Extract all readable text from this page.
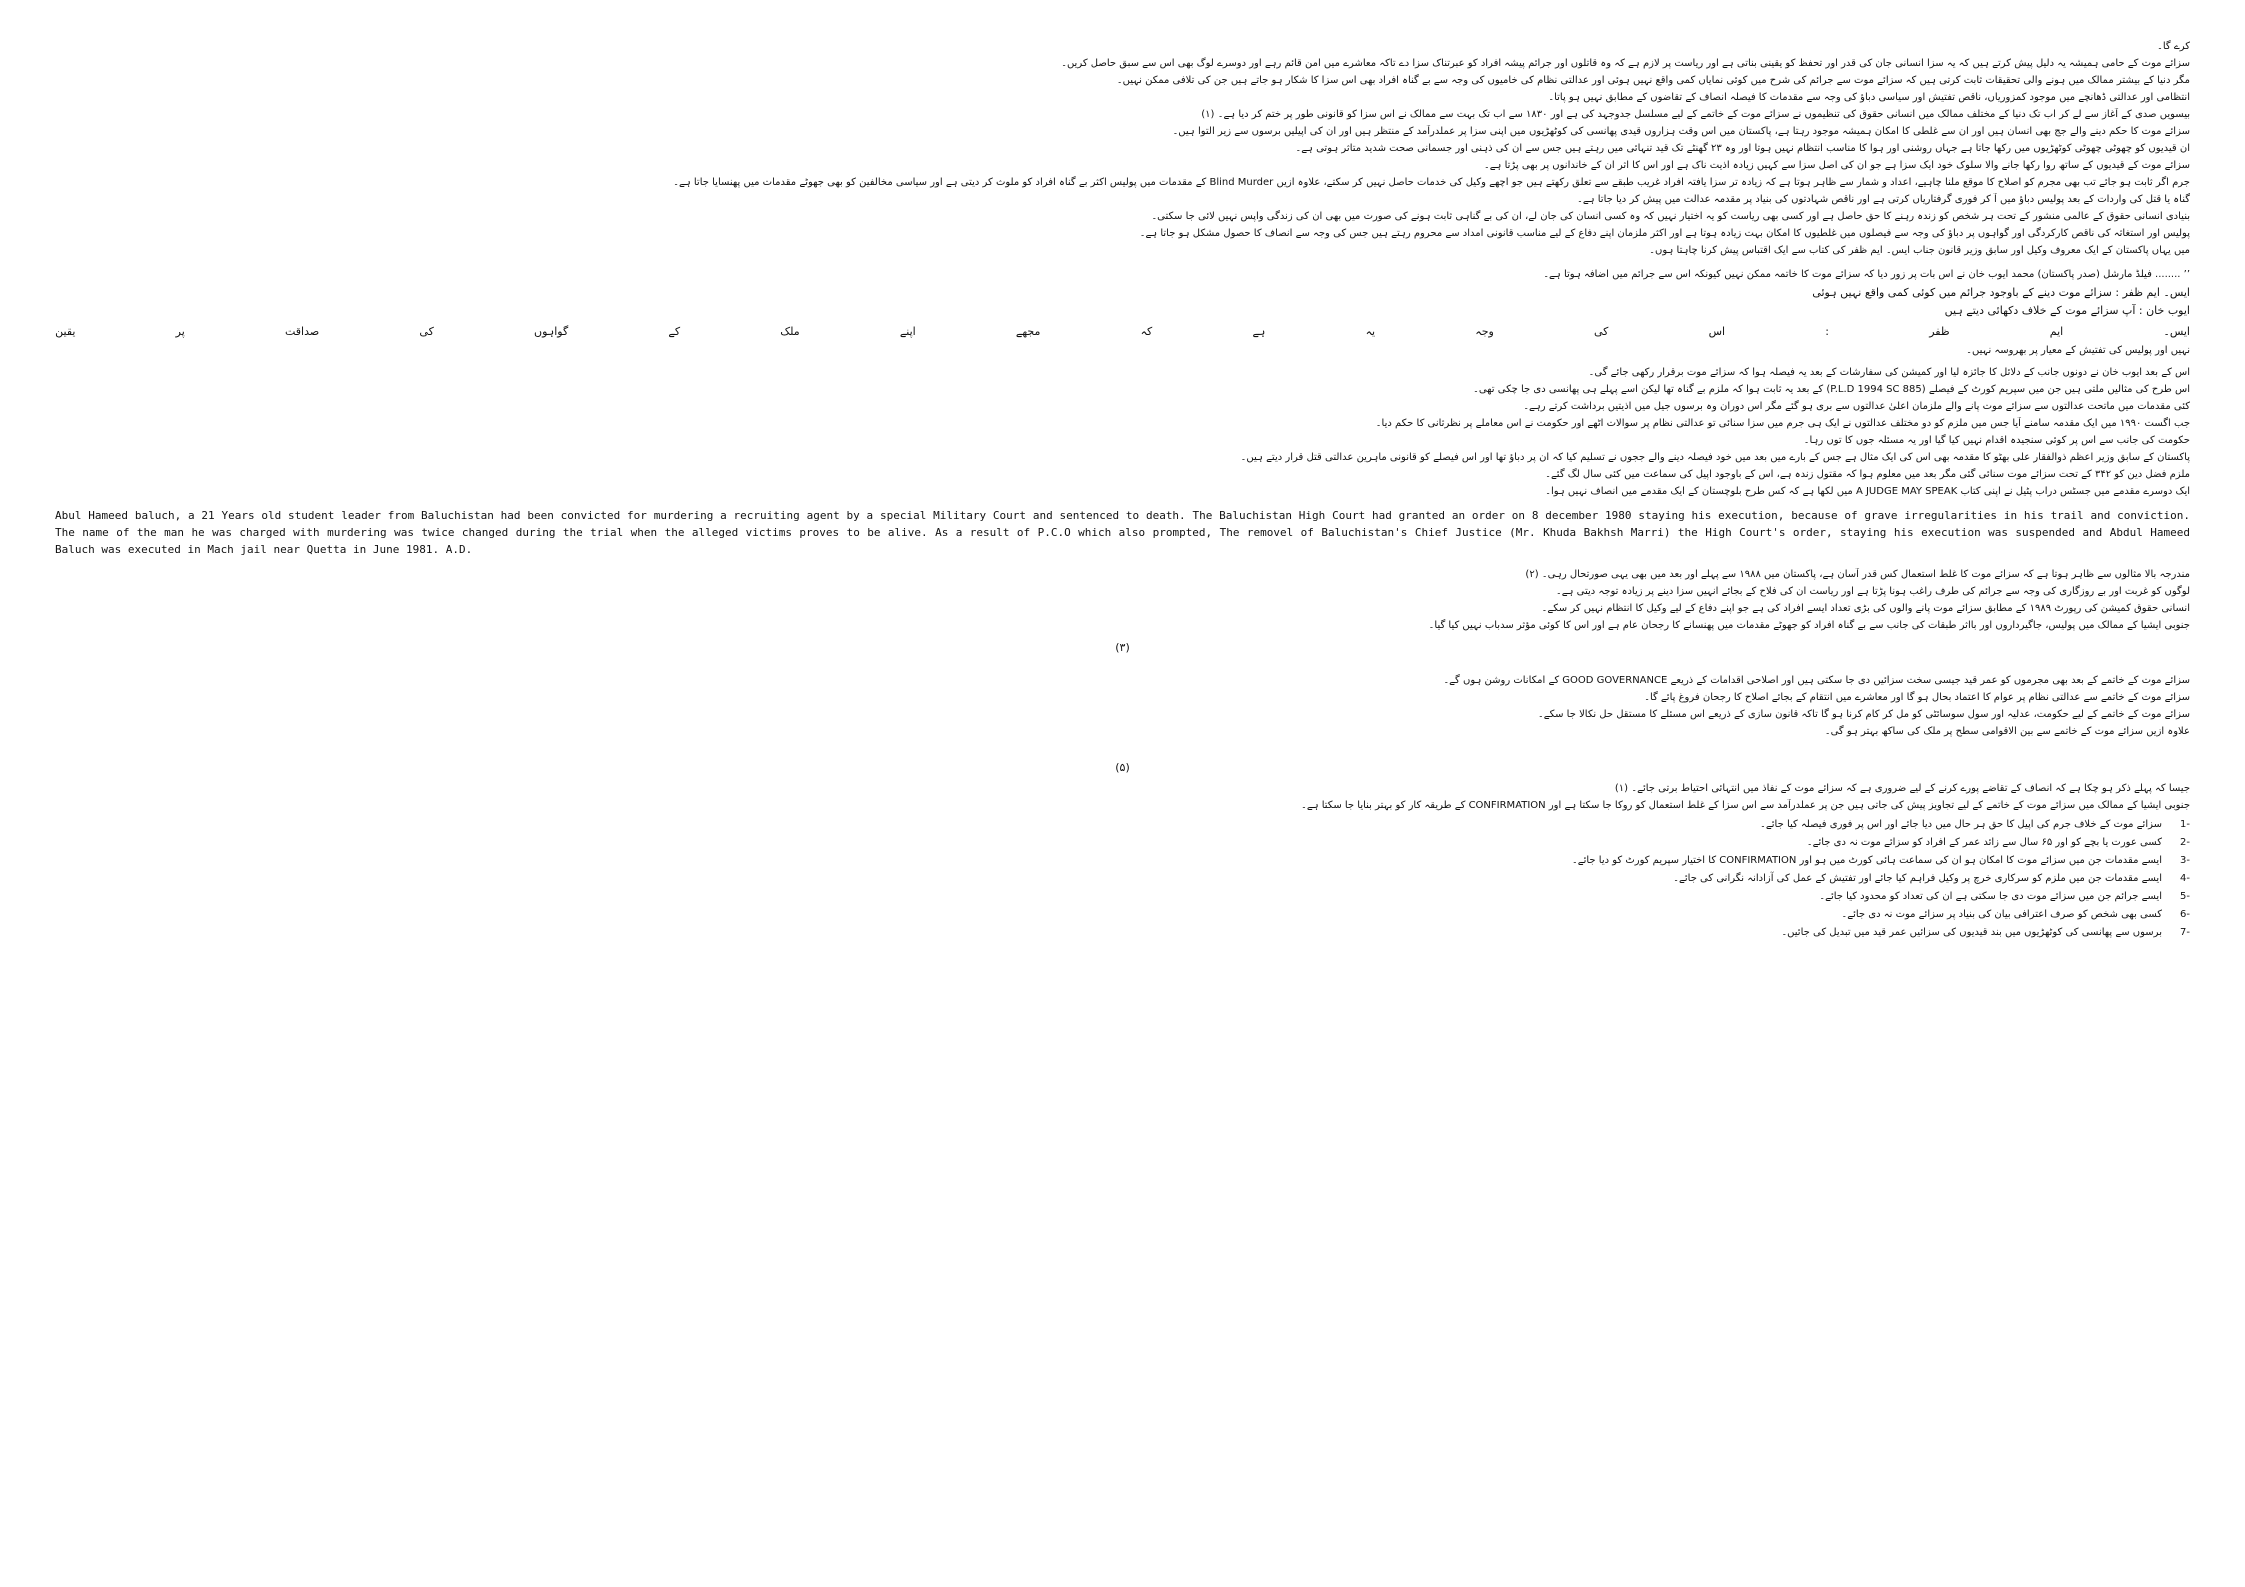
کرے گا۔
سزائے موت کے حامی ہمیشہ یہ دلیل پیش کرتے ہیں کہ یہ سزا انسانی جان کی قدر اور تحفظ کو یقینی بناتی ہے اور ریاست پر لازم ہے کہ وہ قاتلوں اور جرائم پیشہ افراد کو عبرتناک سزا دے تاکہ معاشرے میں امن قائم رہے اور دوسرے لوگ بھی اس سے سبق حاصل کریں۔
مگر دنیا کے بیشتر ممالک میں ہونے والی تحقیقات ثابت کرتی ہیں کہ سزائے موت سے جرائم کی شرح میں کوئی نمایاں کمی واقع نہیں ہوئی اور عدالتی نظام کی خامیوں کی وجہ سے بے گناہ افراد بھی اس سزا کا شکار ہو جاتے ہیں جن کی تلافی ممکن نہیں۔
انتظامی اور عدالتی ڈھانچے میں موجود کمزوریاں، ناقص تفتیش اور سیاسی دباؤ کی وجہ سے مقدمات کا فیصلہ انصاف کے تقاضوں کے مطابق نہیں ہو پاتا۔
بیسویں صدی کے آغاز سے لے کر اب تک دنیا کے مختلف ممالک میں انسانی حقوق کی تنظیموں نے سزائے موت کے خاتمے کے لیے مسلسل جدوجہد کی ہے اور ۱۸۳۰ سے اب تک بہت سے ممالک نے اس سزا کو قانونی طور پر ختم کر دیا ہے۔ (۱)
سزائے موت کا حکم دینے والے جج بھی انسان ہیں اور ان سے غلطی کا امکان ہمیشہ موجود رہتا ہے، پاکستان میں اس وقت ہزاروں قیدی پھانسی کی کوٹھڑیوں میں اپنی سزا پر عملدرآمد کے منتظر ہیں اور ان کی اپیلیں برسوں سے زیر التوا ہیں۔
ان قیدیوں کو چھوٹی چھوٹی کوٹھڑیوں میں رکھا جاتا ہے جہاں روشنی اور ہوا کا مناسب انتظام نہیں ہوتا اور وہ ۲۳ گھنٹے تک قید تنہائی میں رہتے ہیں جس سے ان کی ذہنی اور جسمانی صحت شدید متاثر ہوتی ہے۔
سزائے موت کے قیدیوں کے ساتھ روا رکھا جانے والا سلوک خود ایک سزا ہے جو ان کی اصل سزا سے کہیں زیادہ اذیت ناک ہے اور اس کا اثر ان کے خاندانوں پر بھی پڑتا ہے۔
جرم اگر ثابت ہو جائے تب بھی مجرم کو اصلاح کا موقع ملنا چاہیے، اعداد و شمار سے ظاہر ہوتا ہے کہ زیادہ تر سزا یافتہ افراد غریب طبقے سے تعلق رکھتے ہیں جو اچھے وکیل کی خدمات حاصل نہیں کر سکتے، علاوہ ازیں Blind Murder کے مقدمات میں پولیس اکثر بے گناہ افراد کو ملوث کر دیتی ہے اور سیاسی مخالفین کو بھی جھوٹے مقدمات میں پھنسایا جاتا ہے۔
گناہ یا قتل کی واردات کے بعد پولیس دباؤ میں آ کر فوری گرفتاریاں کرتی ہے اور ناقص شہادتوں کی بنیاد پر مقدمہ عدالت میں پیش کر دیا جاتا ہے۔
بنیادی انسانی حقوق کے عالمی منشور کے تحت ہر شخص کو زندہ رہنے کا حق حاصل ہے اور کسی بھی ریاست کو یہ اختیار نہیں کہ وہ کسی انسان کی جان لے، ان کی بے گناہی ثابت ہونے کی صورت میں بھی ان کی زندگی واپس نہیں لائی جا سکتی۔
پولیس اور استغاثہ کی ناقص کارکردگی اور گواہوں پر دباؤ کی وجہ سے فیصلوں میں غلطیوں کا امکان بہت زیادہ ہوتا ہے اور اکثر ملزمان اپنے دفاع کے لیے مناسب قانونی امداد سے محروم رہتے ہیں جس کی وجہ سے انصاف کا حصول مشکل ہو جاتا ہے۔
میں یہاں پاکستان کے ایک معروف وکیل اور سابق وزیر قانون جناب ایس۔ ایم ظفر کی کتاب سے ایک اقتباس پیش کرنا چاہتا ہوں۔
’’ ........ فیلڈ مارشل (صدر پاکستان) محمد ایوب خان نے اس بات پر زور دیا کہ سزائے موت کا خاتمہ ممکن نہیں کیونکہ اس سے جرائم میں اضافہ ہوتا ہے۔
ایس۔ ایم ظفر : سزائے موت دینے کے باوجود جرائم میں کوئی کمی واقع نہیں ہوئی
ایوب خان : آپ سزائے موت کے خلاف دکھائی دیتے ہیں
ایس۔
ایم
ظفر
:
اس
کی
وجہ
یہ
ہے
کہ
مجھے
اپنے
ملک
کے
گواہوں
کی
صداقت
پر
یقین
نہیں اور پولیس کی تفتیش کے معیار پر بھروسہ نہیں۔
اس کے بعد ایوب خان نے دونوں جانب کے دلائل کا جائزہ لیا اور کمیشن کی سفارشات کے بعد یہ فیصلہ ہوا کہ سزائے موت برقرار رکھی جائے گی۔
اس طرح کی مثالیں ملتی ہیں جن میں سپریم کورٹ کے فیصلے (P.L.D 1994 SC 885) کے بعد یہ ثابت ہوا کہ ملزم بے گناہ تھا لیکن اسے پہلے ہی پھانسی دی جا چکی تھی۔
کئی مقدمات میں ماتحت عدالتوں سے سزائے موت پانے والے ملزمان اعلیٰ عدالتوں سے بری ہو گئے مگر اس دوران وہ برسوں جیل میں اذیتیں برداشت کرتے رہے۔
جب اگست ۱۹۹۰ میں ایک مقدمہ سامنے آیا جس میں ملزم کو دو مختلف عدالتوں نے ایک ہی جرم میں سزا سنائی تو عدالتی نظام پر سوالات اٹھے اور حکومت نے اس معاملے پر نظرثانی کا حکم دیا۔
حکومت کی جانب سے اس پر کوئی سنجیدہ اقدام نہیں کیا گیا اور یہ مسئلہ جوں کا توں رہا۔
پاکستان کے سابق وزیر اعظم ذوالفقار علی بھٹو کا مقدمہ بھی اس کی ایک مثال ہے جس کے بارے میں بعد میں خود فیصلہ دینے والے ججوں نے تسلیم کیا کہ ان پر دباؤ تھا اور اس فیصلے کو قانونی ماہرین عدالتی قتل قرار دیتے ہیں۔
ملزم فضل دین کو ۳۴۲ کے تحت سزائے موت سنائی گئی مگر بعد میں معلوم ہوا کہ مقتول زندہ ہے، اس کے باوجود اپیل کی سماعت میں کئی سال لگ گئے۔
ایک دوسرے مقدمے میں جسٹس دراب پٹیل نے اپنی کتاب A JUDGE MAY SPEAK میں لکھا ہے کہ کس طرح بلوچستان کے ایک مقدمے میں انصاف نہیں ہوا۔
Abul Hameed baluch, a 21 Years old student leader from Baluchistan had been convicted for murdering a recruiting agent by a special Military Court and sentenced to death. The Baluchistan High Court had granted an order on 8 december 1980 staying his execution, because of grave irregularities in his trail and conviction. The name of the man he was charged with murdering was twice changed during the trial when the alleged victims proves to be alive. As a result of P.C.O which also prompted, The removel of Baluchistan's Chief Justice (Mr. Khuda Bakhsh Marri) the High Court's order, staying his execution was suspended and Abdul Hameed Baluch was executed in Mach jail near Quetta in June 1981. A.D.
مندرجہ بالا مثالوں سے ظاہر ہوتا ہے کہ سزائے موت کا غلط استعمال کس قدر آسان ہے، پاکستان میں ۱۹۸۸ سے پہلے اور بعد میں بھی یہی صورتحال رہی۔ (۲)
لوگوں کو غربت اور بے روزگاری کی وجہ سے جرائم کی طرف راغب ہونا پڑتا ہے اور ریاست ان کی فلاح کے بجائے انہیں سزا دینے پر زیادہ توجہ دیتی ہے۔
انسانی حقوق کمیشن کی رپورٹ ۱۹۸۹ کے مطابق سزائے موت پانے والوں کی بڑی تعداد ایسے افراد کی ہے جو اپنے دفاع کے لیے وکیل کا انتظام نہیں کر سکے۔
جنوبی ایشیا کے ممالک میں پولیس، جاگیرداروں اور بااثر طبقات کی جانب سے بے گناہ افراد کو جھوٹے مقدمات میں پھنسانے کا رجحان عام ہے اور اس کا کوئی مؤثر سدباب نہیں کیا گیا۔
(۳)
سزائے موت کے خاتمے کے بعد بھی مجرموں کو عمر قید جیسی سخت سزائیں دی جا سکتی ہیں اور اصلاحی اقدامات کے ذریعے GOOD GOVERNANCE کے امکانات روشن ہوں گے۔
سزائے موت کے خاتمے سے عدالتی نظام پر عوام کا اعتماد بحال ہو گا اور معاشرے میں انتقام کے بجائے اصلاح کا رجحان فروغ پائے گا۔
سزائے موت کے خاتمے کے لیے حکومت، عدلیہ اور سول سوسائٹی کو مل کر کام کرنا ہو گا تاکہ قانون سازی کے ذریعے اس مسئلے کا مستقل حل نکالا جا سکے۔
علاوہ ازیں سزائے موت کے خاتمے سے بین الاقوامی سطح پر ملک کی ساکھ بہتر ہو گی۔
(۵)
جیسا کہ پہلے ذکر ہو چکا ہے کہ انصاف کے تقاضے پورے کرنے کے لیے ضروری ہے کہ سزائے موت کے نفاذ میں انتہائی احتیاط برتی جائے۔ (۱)
جنوبی ایشیا کے ممالک میں سزائے موت کے خاتمے کے لیے تجاویز پیش کی جاتی ہیں جن پر عملدرآمد سے اس سزا کے غلط استعمال کو روکا جا سکتا ہے اور CONFIRMATION کے طریقہ کار کو بہتر بنایا جا سکتا ہے۔
-1سزائے موت کے خلاف جرم کی اپیل کا حق ہر حال میں دیا جائے اور اس پر فوری فیصلہ کیا جائے۔
-2کسی عورت یا بچے کو اور ۶۵ سال سے زائد عمر کے افراد کو سزائے موت نہ دی جائے۔
-3ایسے مقدمات جن میں سزائے موت کا امکان ہو ان کی سماعت ہائی کورٹ میں ہو اور CONFIRMATION کا اختیار سپریم کورٹ کو دیا جائے۔
-4ایسے مقدمات جن میں ملزم کو سرکاری خرچ پر وکیل فراہم کیا جائے اور تفتیش کے عمل کی آزادانہ نگرانی کی جائے۔
-5ایسے جرائم جن میں سزائے موت دی جا سکتی ہے ان کی تعداد کو محدود کیا جائے۔
-6کسی بھی شخص کو صرف اعترافی بیان کی بنیاد پر سزائے موت نہ دی جائے۔
-7برسوں سے پھانسی کی کوٹھڑیوں میں بند قیدیوں کی سزائیں عمر قید میں تبدیل کی جائیں۔
